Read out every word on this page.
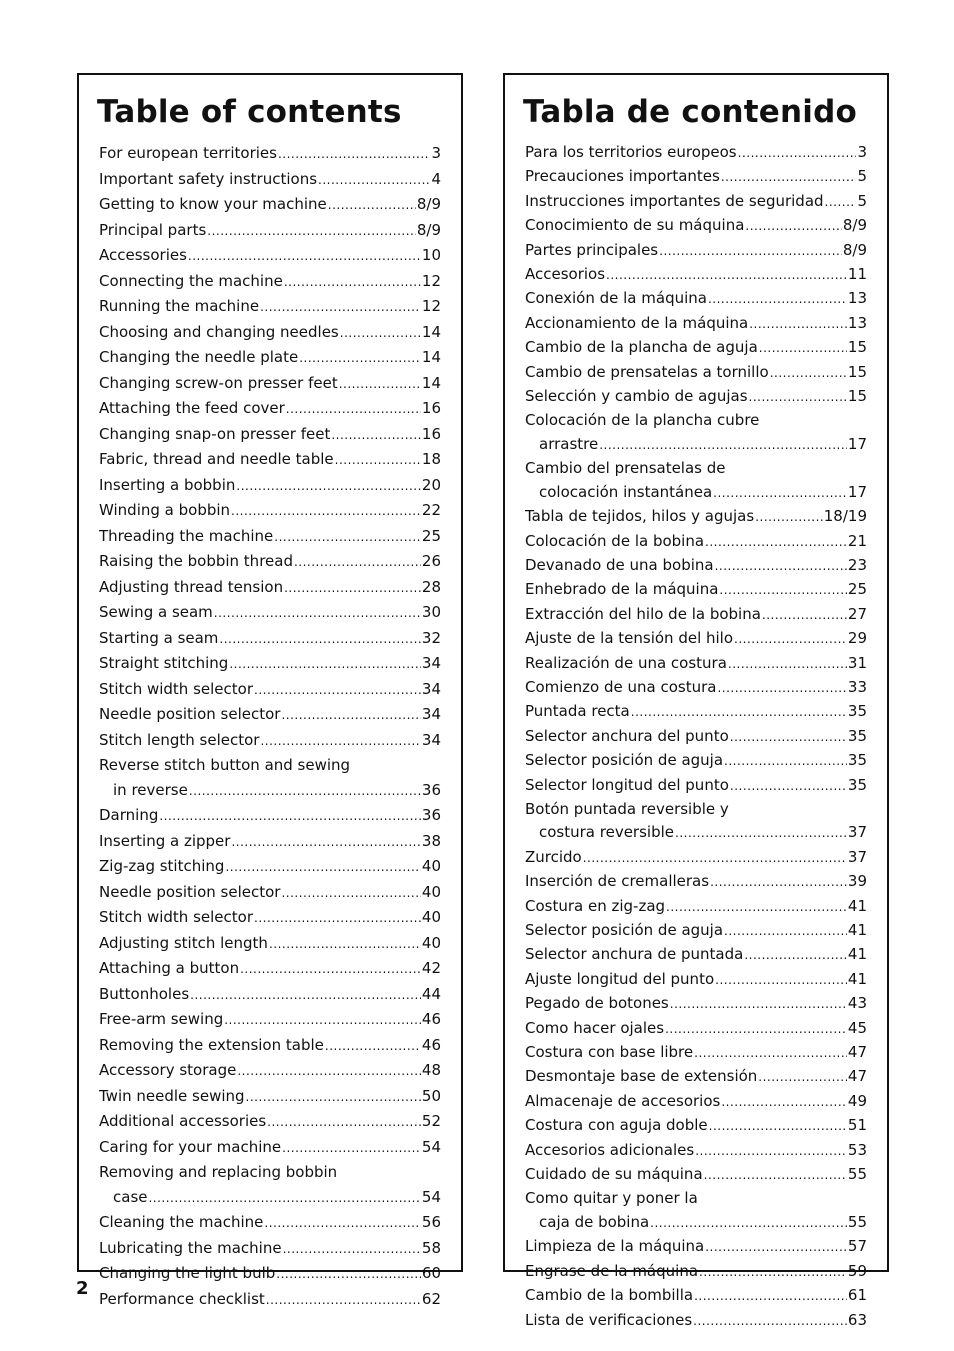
Table of contents
For european territories .....	3
Important safety instructions .....	4
Getting to know your machine .....	8/9
Principal parts .....	8/9
Accessories .....	10
Connecting the machine .....	12
Running the machine .....	12
Choosing and changing needles .....	14
Changing the needle plate .....	14
Changing screw-on presser feet .....	14
Attaching the feed cover .....	16
Changing snap-on presser feet .....	16
Fabric, thread and needle table .....	18
Inserting a bobbin .....	20
Winding a bobbin .....	22
Threading the machine .....	25
Raising the bobbin thread .....	26
Adjusting thread tension .....	28
Sewing a seam .....	30
Starting a seam .....	32
Straight stitching .....	34
Stitch width selector .....	34
Needle position selector .....	34
Stitch length selector .....	34
Reverse stitch button and sewing
in reverse .....	36
Darning .....	36
Inserting a zipper .....	38
Zig-zag stitching .....	40
Needle position selector .....	40
Stitch width selector .....	40
Adjusting stitch length .....	40
Attaching a button .....	42
Buttonholes .....	44
Free-arm sewing .....	46
Removing the extension table .....	46
Accessory storage .....	48
Twin needle sewing .....	50
Additional accessories .....	52
Caring for your machine .....	54
Removing and replacing bobbin
case .....	54
Cleaning the machine .....	56
Lubricating the machine .....	58
Changing the light bulb .....	60
Performance checklist .....	62
Tabla de contenido
Para los territorios europeos .....	3
Precauciones importantes .....	5
Instrucciones importantes de seguridad ..... 5
Conocimiento de su máquina .....	8/9
Partes principales .....	8/9
Accesorios .....	11
Conexión de la máquina .....	13
Accionamiento de la máquina .....	13
Cambio de la plancha de aguja .....	15
Cambio de prensatelas a tornillo .....	15
Selección y cambio de agujas .....	15
Colocación de la plancha cubre
arrastre .....	17
Cambio del prensatelas de
colocación instantánea .....	17
Tabla de tejidos, hilos y agujas .....	18/19
Colocación de la bobina .....	21
Devanado de una bobina .....	23
Enhebrado de la máquina .....	25
Extracción del hilo de la bobina .....	27
Ajuste de la tensión del hilo .....	29
Realización de una costura .....	31
Comienzo de una costura .....	33
Puntada recta .....	35
Selector anchura del punto .....	35
Selector posición de aguja .....	35
Selector longitud del punto .....	35
Botón puntada reversible y
costura reversible .....	37
Zurcido .....	37
Inserción de cremalleras .....	39
Costura en zig-zag .....	41
Selector posición de aguja .....	41
Selector anchura de puntada .....	41
Ajuste longitud del punto .....	41
Pegado de botones .....	43
Como hacer ojales .....	45
Costura con base libre .....	47
Desmontaje base de extensión .....	47
Almacenaje de accesorios .....	49
Costura con aguja doble .....	51
Accesorios adicionales .....	53
Cuidado de su máquina .....	55
Como quitar y poner la
caja de bobina .....	55
Limpieza de la máquina .....	57
Engrase de la máquina .....	59
Cambio de la bombilla .....	61
Lista de verificaciones .....	63
2
